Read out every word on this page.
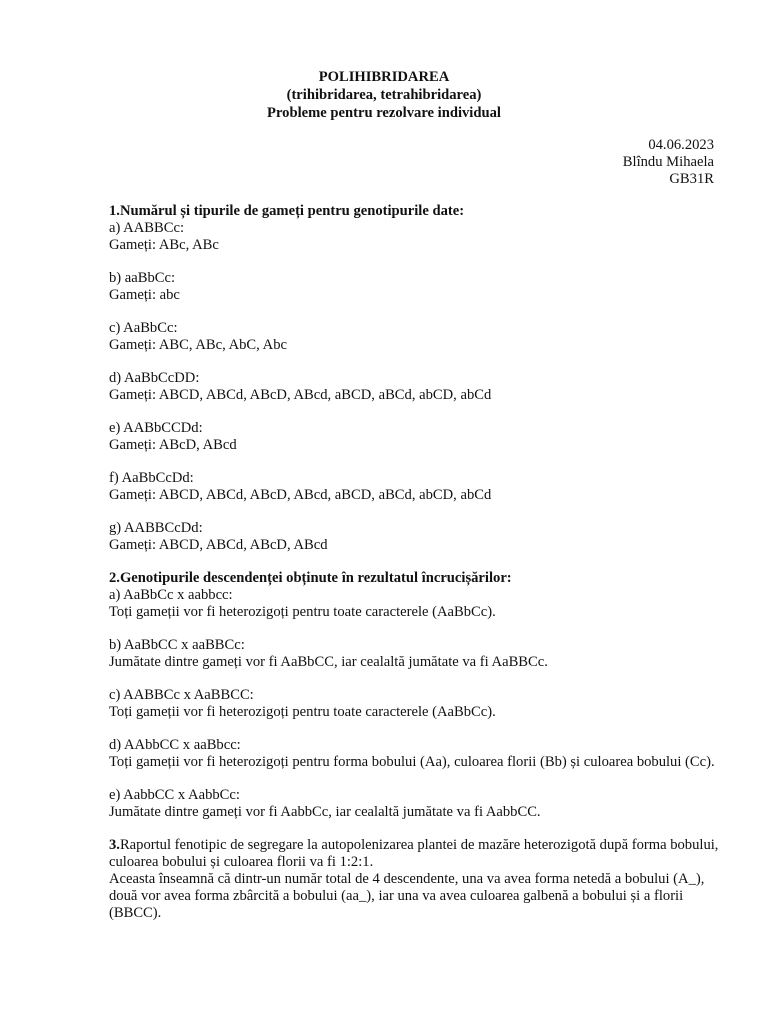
POLIHIBRIDAREA
(trihibridarea, tetrahibridarea)
Probleme pentru rezolvare individual
04.06.2023
Blîndu Mihaela
GB31R
1.Numărul și tipurile de gameți pentru genotipurile date:
a) AABBCc:
Gameți: ABc, ABc
b) aaBbCc:
Gameți: abc
c) AaBbCc:
Gameți: ABC, ABc, AbC, Abc
d) AaBbCcDD:
Gameți: ABCD, ABCd, ABcD, ABcd, aBCD, aBCd, abCD, abCd
e) AABbCCDd:
Gameți: ABcD, ABcd
f) AaBbCcDd:
Gameți: ABCD, ABCd, ABcD, ABcd, aBCD, aBCd, abCD, abCd
g) AABBCcDd:
Gameți: ABCD, ABCd, ABcD, ABcd
2.Genotipurile descendenței obținute în rezultatul încrucișărilor:
a) AaBbCc x aabbcc:
Toți gameții vor fi heterozigoți pentru toate caracterele (AaBbCc).
b) AaBbCC x aaBBCc:
Jumătate dintre gameți vor fi AaBbCC, iar cealaltă jumătate va fi AaBBCc.
c) AABBCc x AaBBCC:
Toți gameții vor fi heterozigoți pentru toate caracterele (AaBbCc).
d) AAbbCC x aaBbcc:
Toți gameții vor fi heterozigoți pentru forma bobului (Aa), culoarea florii (Bb) și culoarea bobului (Cc).
e) AabbCC x AabbCc:
Jumătate dintre gameți vor fi AabbCc, iar cealaltă jumătate va fi AabbCC.

3.Raportul fenotipic de segregare la autopolenizarea plantei de mazăre heterozigotă după forma bobului, culoarea bobului și culoarea florii va fi 1:2:1.

Aceasta înseamnă că dintr-un număr total de 4 descendente, una va avea forma netedă a bobului (A_), două vor avea forma zbârcită a bobului (aa_), iar una va avea culoarea galbenă a bobului și a florii (BBCC).
